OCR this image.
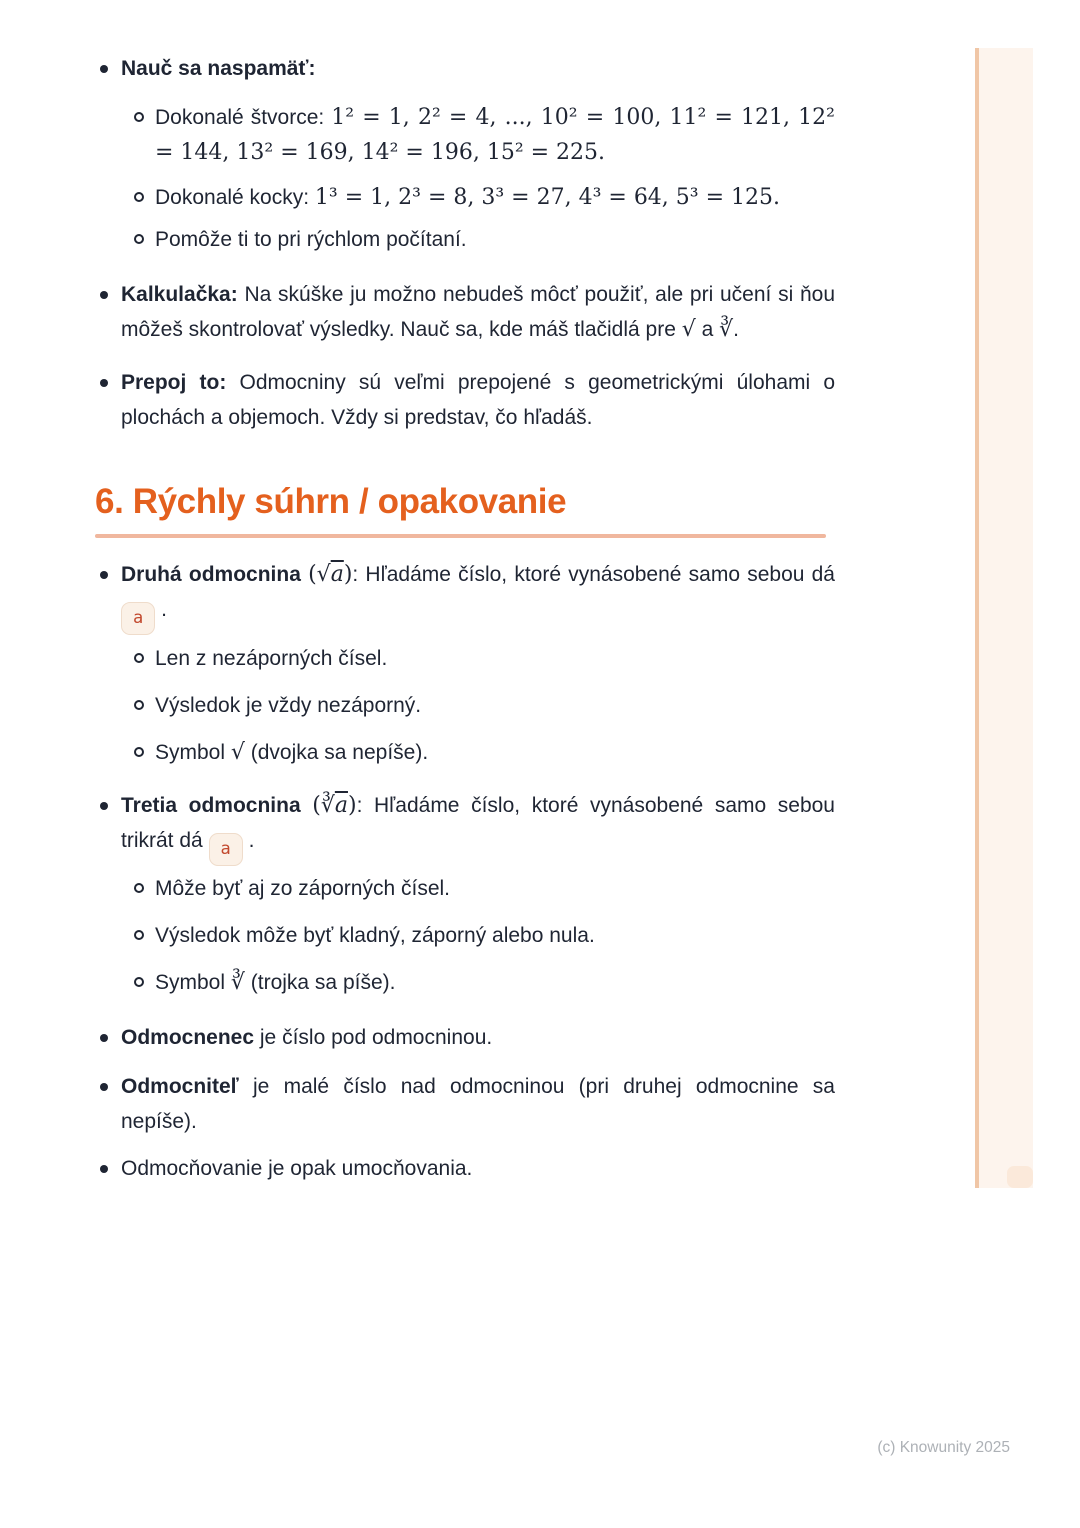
Nauč sa naspamäť:
Dokonalé štvorce: 1² = 1, 2² = 4, ..., 10² = 100, 11² = 121, 12² = 144, 13² = 169, 14² = 196, 15² = 225.
Dokonalé kocky: 1³ = 1, 2³ = 8, 3³ = 27, 4³ = 64, 5³ = 125.
Pomôže ti to pri rýchlom počítaní.
Kalkulačka: Na skúške ju možno nebudeš môcť použiť, ale pri učení si ňou môžeš skontrolovať výsledky. Nauč sa, kde máš tlačidlá pre √ a ∛.
Prepoj to: Odmocniny sú veľmi prepojené s geometrickými úlohami o plochách a objemoch. Vždy si predstav, čo hľadáš.
6. Rýchly súhrn / opakovanie
Druhá odmocnina (√a): Hľadáme číslo, ktoré vynásobené samo sebou dá a .
Len z nezáporných čísel.
Výsledok je vždy nezáporný.
Symbol √ (dvojka sa nepíše).
Tretia odmocnina $(∛\overline{a})$: Hľadáme číslo, ktoré vynásobené samo sebou trikrát dá a .
Môže byť aj zo záporných čísel.
Výsledok môže byť kladný, záporný alebo nula.
Symbol ∛ (trojka sa píše).
Odmocnenec je číslo pod odmocninou.
Odmocniteľ je malé číslo nad odmocninou (pri druhej odmocnine sa nepíše).
Odmocňovanie je opak umocňovania.
(c) Knowunity 2025
